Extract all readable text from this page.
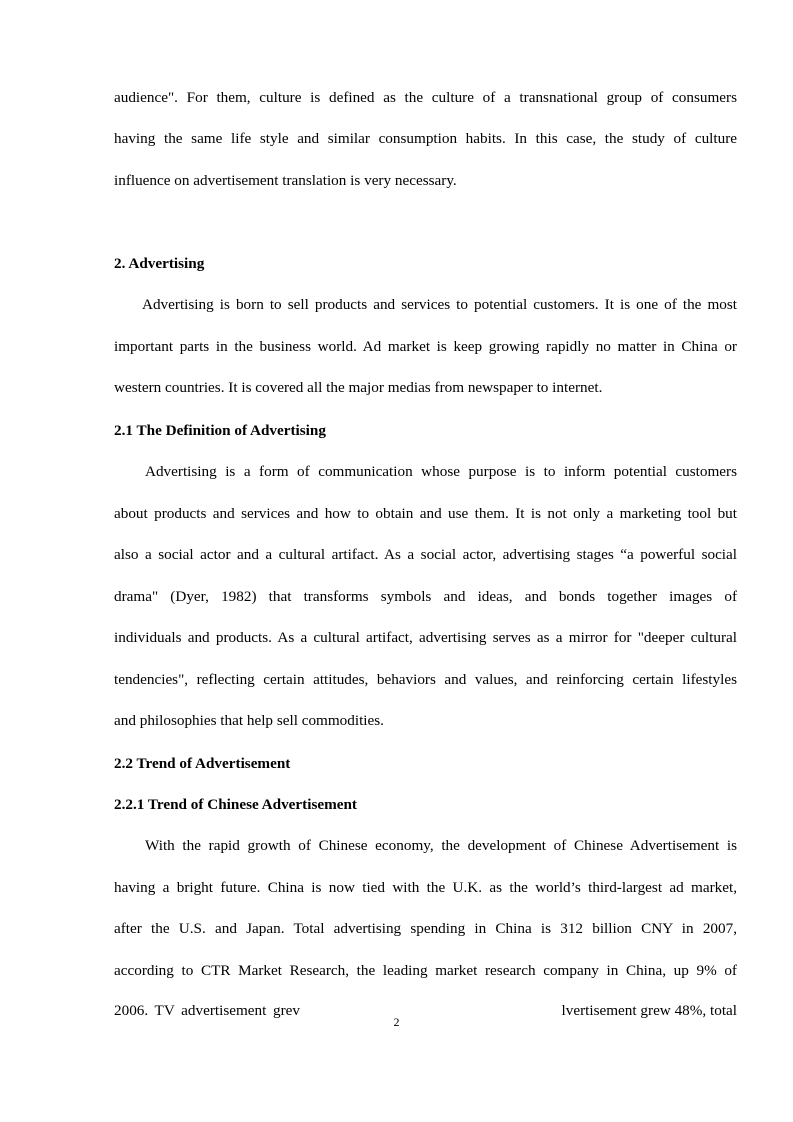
audience". For them, culture is defined as the culture of a transnational group of consumers
having the same life style and similar consumption habits. In this case, the study of culture
influence on advertisement translation is very necessary.
2. Advertising
Advertising is born to sell products and services to potential customers. It is one of the most
important parts in the business world. Ad market is keep growing rapidly no matter in China or
western countries. It is covered all the major medias from newspaper to internet.
2.1 The Definition of Advertising
Advertising is a form of communication whose purpose is to inform potential customers
about products and services and how to obtain and use them. It is not only a marketing tool but
also a social actor and a cultural artifact. As a social actor, advertising stages “a powerful social
drama" (Dyer, 1982) that transforms symbols and ideas, and bonds together images of
individuals and products. As a cultural artifact, advertising serves as a mirror for "deeper cultural
tendencies", reflecting certain attitudes, behaviors and values, and reinforcing certain lifestyles
and philosophies that help sell commodities.
2.2 Trend of Advertisement
2.2.1 Trend of Chinese Advertisement
With the rapid growth of Chinese economy, the development of Chinese Advertisement is
having a bright future. China is now tied with the U.K. as the world’s third-largest ad market,
after the U.S. and Japan. Total advertising spending in China is 312 billion CNY in 2007,
according to CTR Market Research, the leading market research company in China, up 9% of
2006. TV advertisement grev	lvertisement grew 48%, total
2
